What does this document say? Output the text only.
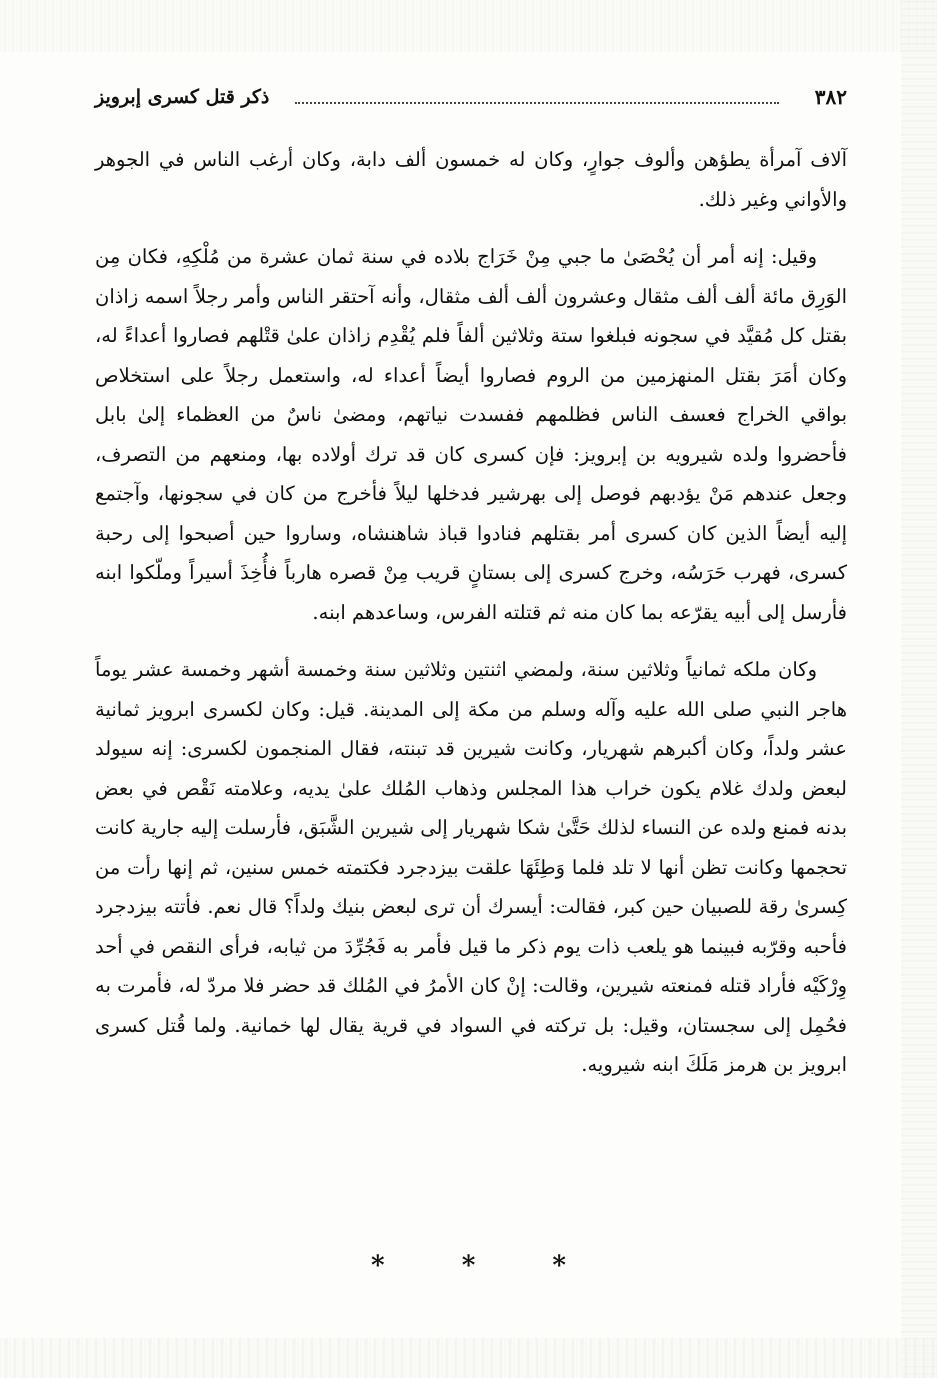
٣٨٢
ذكر قتل كسرى إبرويز

آلاف آمرأة يطؤهن وألوف جوارٍ، وكان له خمسون ألف دابة، وكان أرغب الناس في الجوهر والأواني وغير ذلك.

وقيل: إنه أمر أن يُحْصَىٰ ما جبي مِنْ خَرَاج بلاده في سنة ثمان عشرة من مُلْكِهِ، فكان مِن الوَرِق مائة ألف ألف مثقال وعشرون ألف ألف مثقال، وأنه آحتقر الناس وأمر رجلاً اسمه زاذان بقتل كل مُقيَّد في سجونه فبلغوا ستة وثلاثين ألفاً فلم يُقْدِم زاذان علىٰ قتْلهم فصاروا أعداءً له، وكان أمَرَ بقتل المنهزمين من الروم فصاروا أيضاً أعداء له، واستعمل رجلاً على استخلاص بواقي الخراج فعسف الناس فظلمهم ففسدت نياتهم، ومضىٰ ناسٌ من العظماء إلىٰ بابل فأحضروا ولده شيرويه بن إبرويز: فإن كسرى كان قد ترك أولاده بها، ومنعهم من التصرف، وجعل عندهم مَنْ يؤدبهم فوصل إلى بهرشير فدخلها ليلاً فأخرج من كان في سجونها، وآجتمع إليه أيضاً الذين كان كسرى أمر بقتلهم فنادوا قباذ شاهنشاه، وساروا حين أصبحوا إلى رحبة كسرى، فهرب حَرَسُه، وخرج كسرى إلى بستانٍ قريب مِنْ قصره هارباً فأُخِذَ أسيراً وملّكوا ابنه فأرسل إلى أبيه يقرّعه بما كان منه ثم قتلته الفرس، وساعدهم ابنه.

وكان ملكه ثمانياً وثلاثين سنة، ولمضي اثنتين وثلاثين سنة وخمسة أشهر وخمسة عشر يوماً هاجر النبي صلى الله عليه وآله وسلم من مكة إلى المدينة. قيل: وكان لكسرى ابرويز ثمانية عشر ولداً، وكان أكبرهم شهريار، وكانت شيرين قد تبنته، فقال المنجمون لكسرى: إنه سيولد لبعض ولدك غلام يكون خراب هذا المجلس وذهاب المُلك علىٰ يديه، وعلامته نَقْص في بعض بدنه فمنع ولده عن النساء لذلك حَتَّىٰ شكا شهريار إلى شيرين الشَّبَق، فأرسلت إليه جارية كانت تحجمها وكانت تظن أنها لا تلد فلما وَطِئَهَا علقت بيزدجرد فكتمته خمس سنين، ثم إنها رأت من كِسرىٰ رقة للصبيان حين كبر، فقالت: أيسرك أن ترى لبعض بنيك ولداً؟ قال نعم. فأتته بيزدجرد فأحبه وقرّبه فبينما هو يلعب ذات يوم ذكر ما قيل فأمر به فَجُرِّدَ من ثيابه، فرأى النقص في أحد وِرْكَيْه فأراد قتله فمنعته شيرين، وقالت: إنْ كان الأمرُ في المُلك قد حضر فلا مردّ له، فأمرت به فحُمِل إلى سجستان، وقيل: بل تركته في السواد في قرية يقال لها خمانية. ولما قُتل كسرى ابرويز بن هرمز مَلَكَ ابنه شيرويه.

*	*	*
